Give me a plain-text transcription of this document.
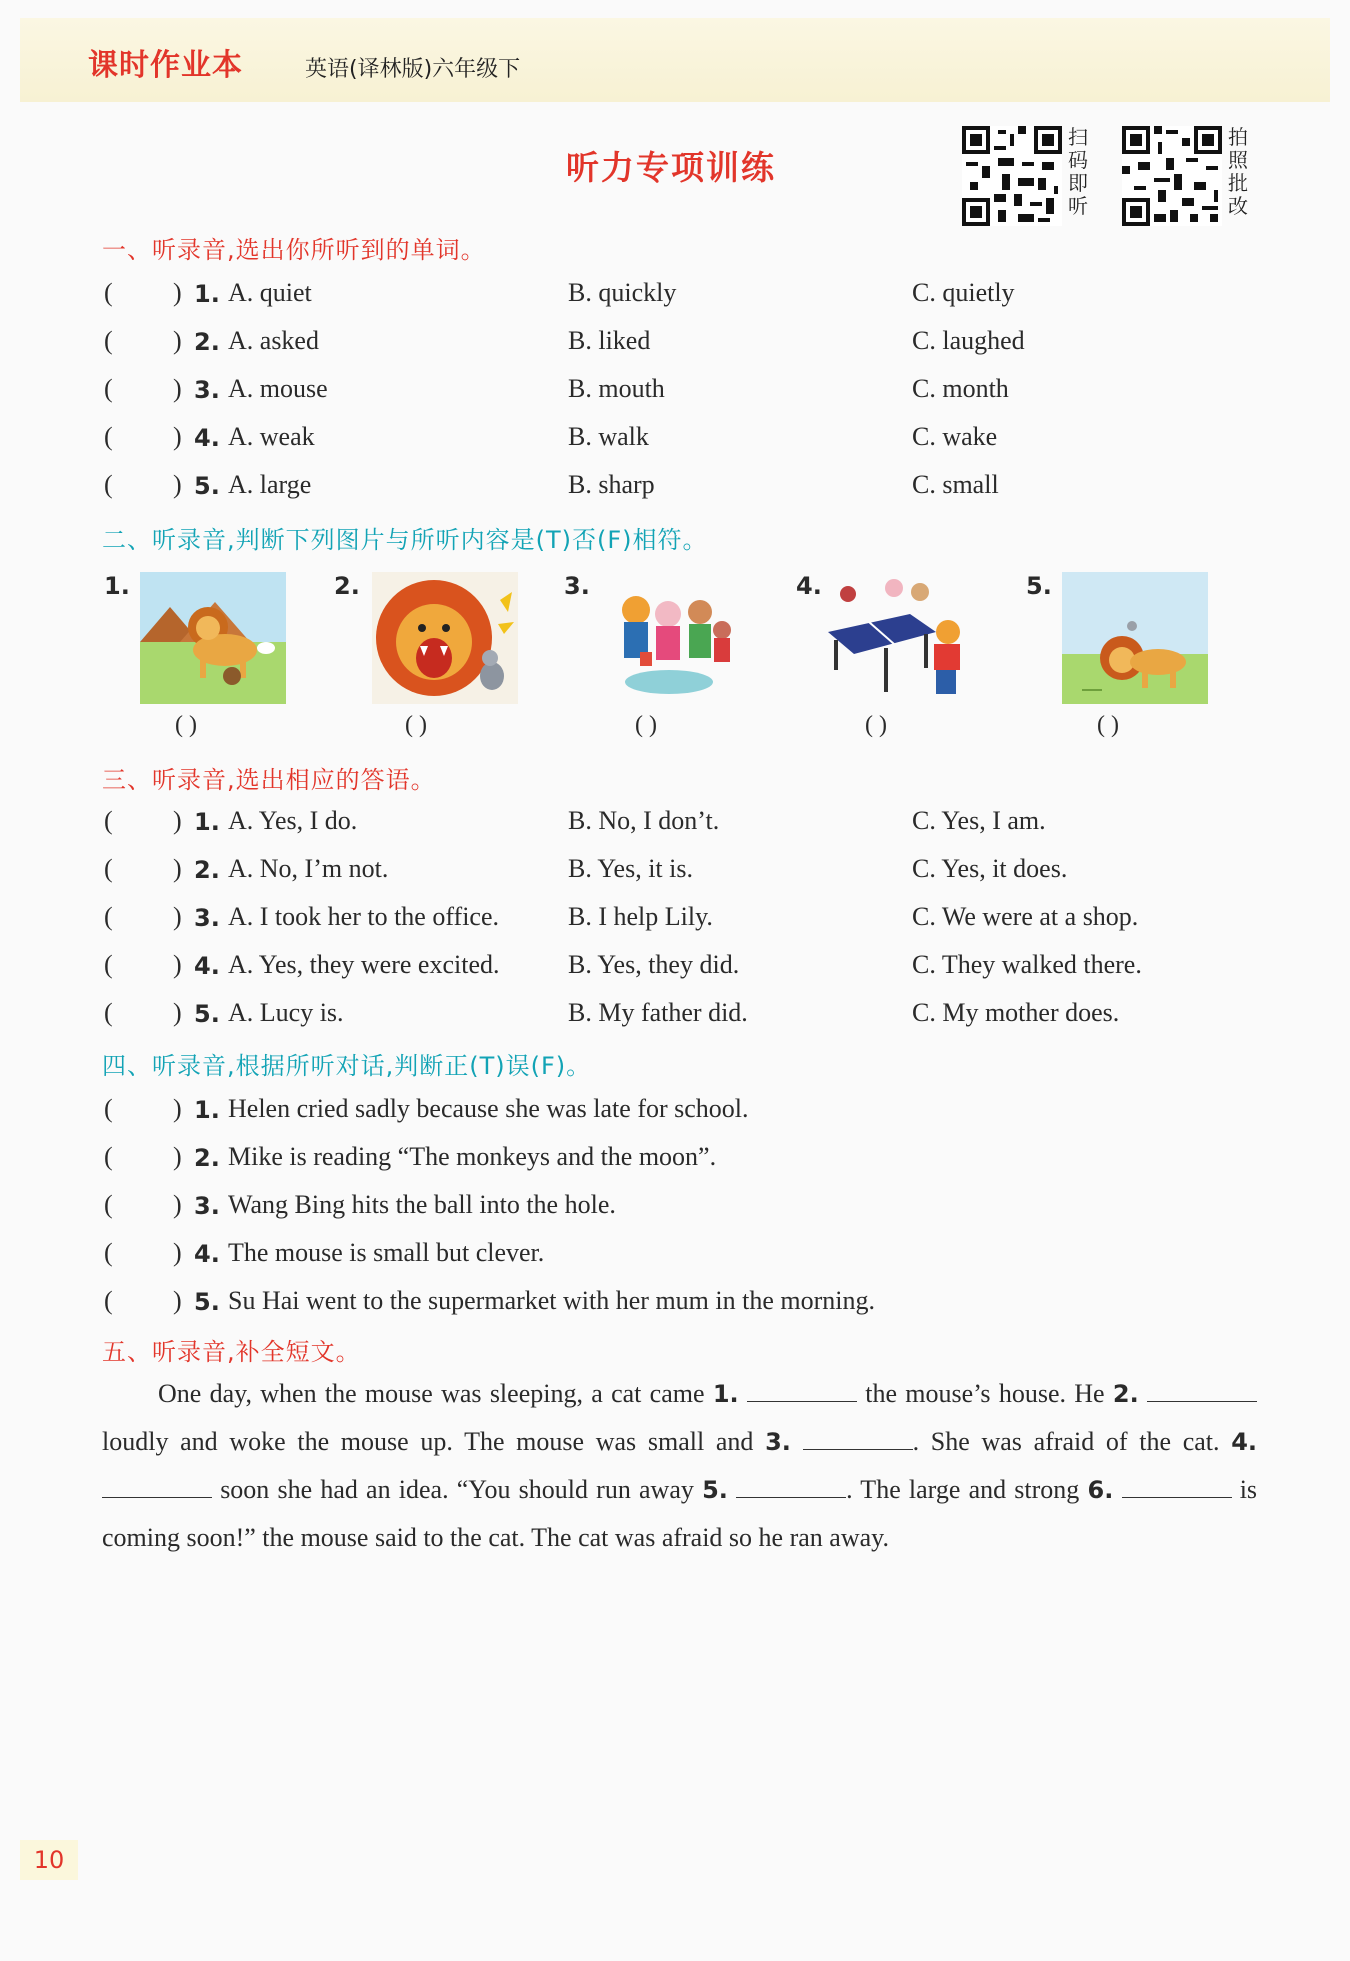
课时作业本	英语(译林版)六年级下
听力专项训练
扫码即听
拍照批改
一、听录音,选出你所听到的单词。
( ) 1. A. quiet	B. quickly	C. quietly
( ) 2. A. asked	B. liked	C. laughed
( ) 3. A. mouse	B. mouth	C. month
( ) 4. A. weak	B. walk	C. wake
( ) 5. A. large	B. sharp	C. small
二、听录音,判断下列图片与所听内容是(T)否(F)相符。
1.
( )
2.
( )
3.
( )
4.
( )
5.
( )
三、听录音,选出相应的答语。
( ) 1. A. Yes, I do.	B. No, I don’t.	C. Yes, I am.
( ) 2. A. No, I’m not.	B. Yes, it is.	C. Yes, it does.
( ) 3. A. I took her to the office.	B. I help Lily.	C. We were at a shop.
( ) 4. A. Yes, they were excited.	B. Yes, they did.	C. They walked there.
( ) 5. A. Lucy is.	B. My father did.	C. My mother does.
四、听录音,根据所听对话,判断正(T)误(F)。
( ) 1. Helen cried sadly because she was late for school.
( ) 2. Mike is reading “The monkeys and the moon”.
( ) 3. Wang Bing hits the ball into the hole.
( ) 4. The mouse is small but clever.
( ) 5. Su Hai went to the supermarket with her mum in the morning.
五、听录音,补全短文。
One day, when the mouse was sleeping, a cat came 1.	the mouse’s house. He 2.  loudly and woke the mouse up. The mouse was small and 3.	. She was afraid of the cat. 4.  soon she had an idea. “You should run away 5.	. The large and strong 6.	is coming soon!” the mouse said to the cat. The cat was afraid so he ran away.
10
